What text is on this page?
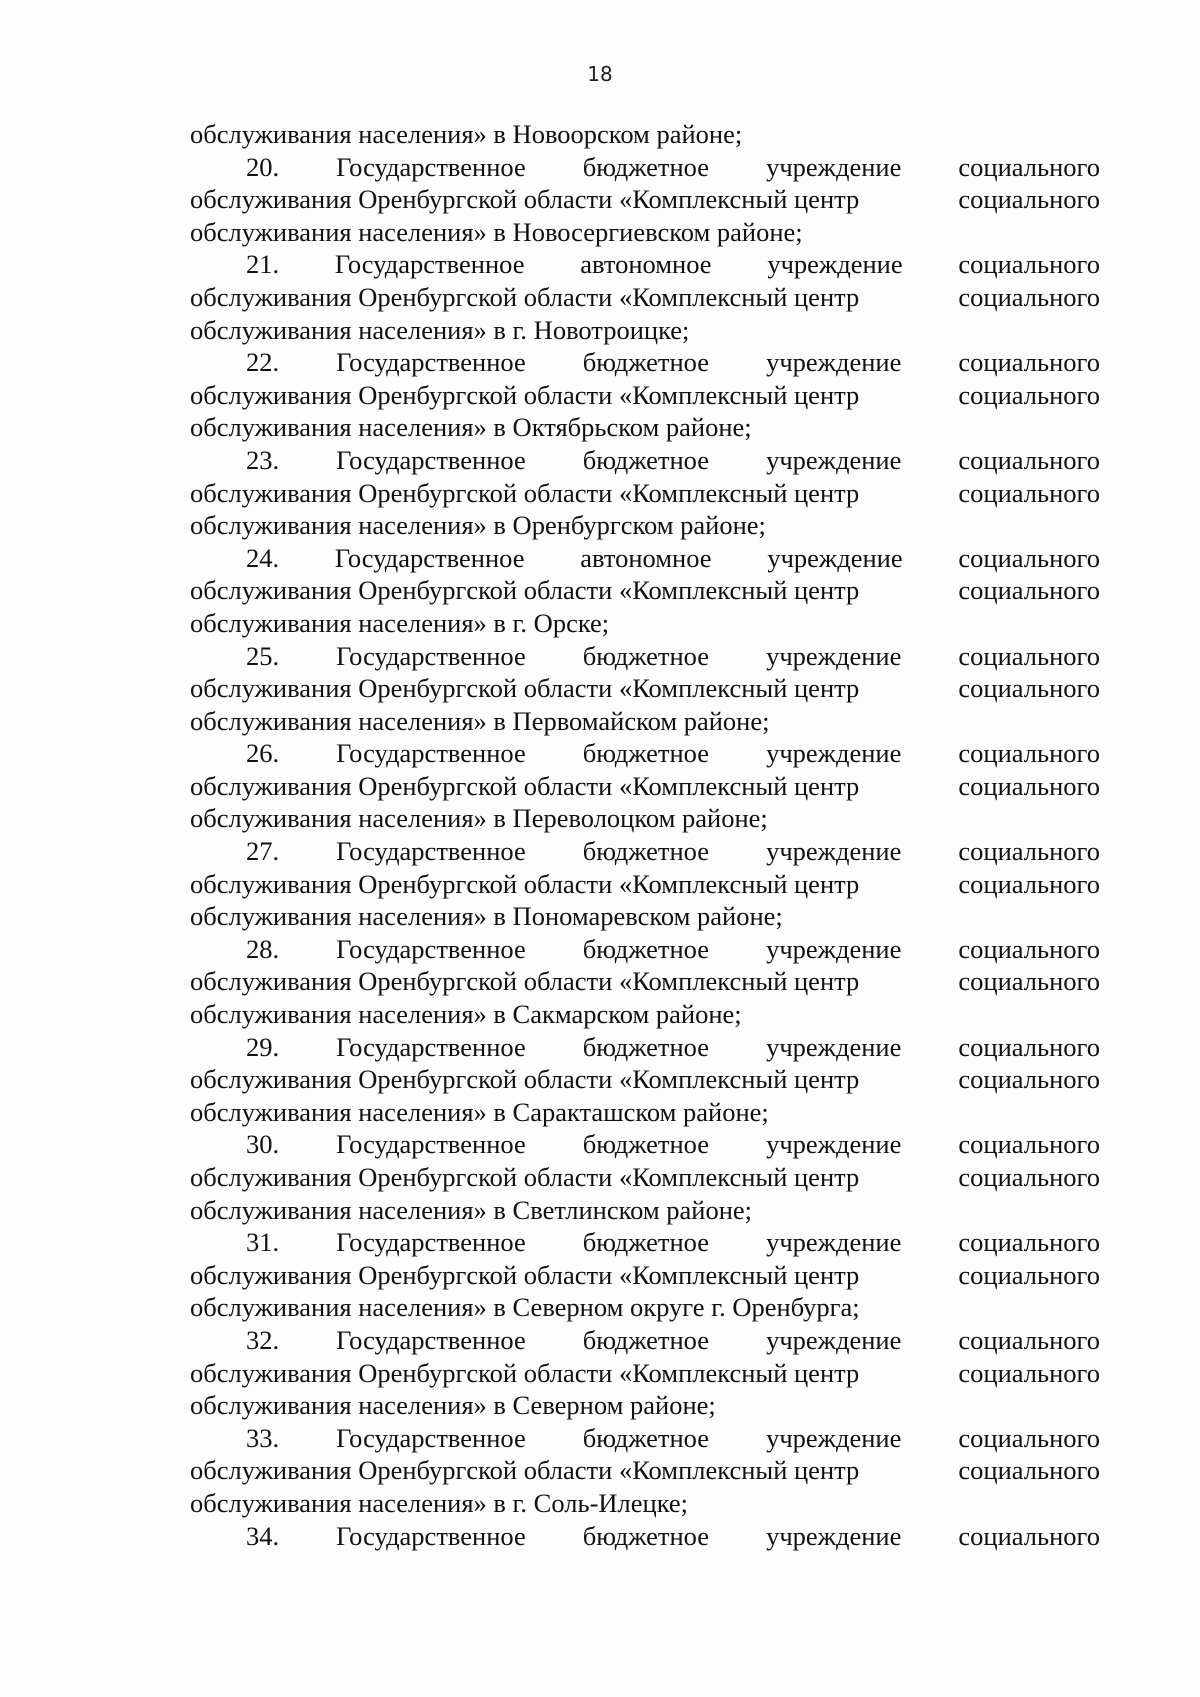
18
обслуживания населения» в Новоорском районе;
20. Государственное бюджетное учреждение социального
обслуживания Оренбургской области «Комплексный центр	социального
обслуживания населения» в Новосергиевском районе;
21. Государственное автономное учреждение социального
обслуживания Оренбургской области «Комплексный центр	социального
обслуживания населения» в г. Новотроицке;
22. Государственное бюджетное учреждение социального
обслуживания Оренбургской области «Комплексный центр	социального
обслуживания населения» в Октябрьском районе;
23. Государственное бюджетное учреждение социального
обслуживания Оренбургской области «Комплексный центр	социального
обслуживания населения» в Оренбургском районе;
24. Государственное автономное учреждение социального
обслуживания Оренбургской области «Комплексный центр	социального
обслуживания населения» в г. Орске;
25. Государственное бюджетное учреждение социального
обслуживания Оренбургской области «Комплексный центр	социального
обслуживания населения» в Первомайском районе;
26. Государственное бюджетное учреждение социального
обслуживания Оренбургской области «Комплексный центр	социального
обслуживания населения» в Переволоцком районе;
27. Государственное бюджетное учреждение социального
обслуживания Оренбургской области «Комплексный центр	социального
обслуживания населения» в Пономаревском районе;
28. Государственное бюджетное учреждение социального
обслуживания Оренбургской области «Комплексный центр	социального
обслуживания населения» в Сакмарском районе;
29. Государственное бюджетное учреждение социального
обслуживания Оренбургской области «Комплексный центр	социального
обслуживания населения» в Саракташском районе;
30. Государственное бюджетное учреждение социального
обслуживания Оренбургской области «Комплексный центр	социального
обслуживания населения» в Светлинском районе;
31. Государственное бюджетное учреждение социального
обслуживания Оренбургской области «Комплексный центр	социального
обслуживания населения» в Северном округе г. Оренбурга;
32. Государственное бюджетное учреждение социального
обслуживания Оренбургской области «Комплексный центр	социального
обслуживания населения» в Северном районе;
33. Государственное бюджетное учреждение социального
обслуживания Оренбургской области «Комплексный центр	социального
обслуживания населения» в г. Соль-Илецке;
34. Государственное бюджетное учреждение социального
